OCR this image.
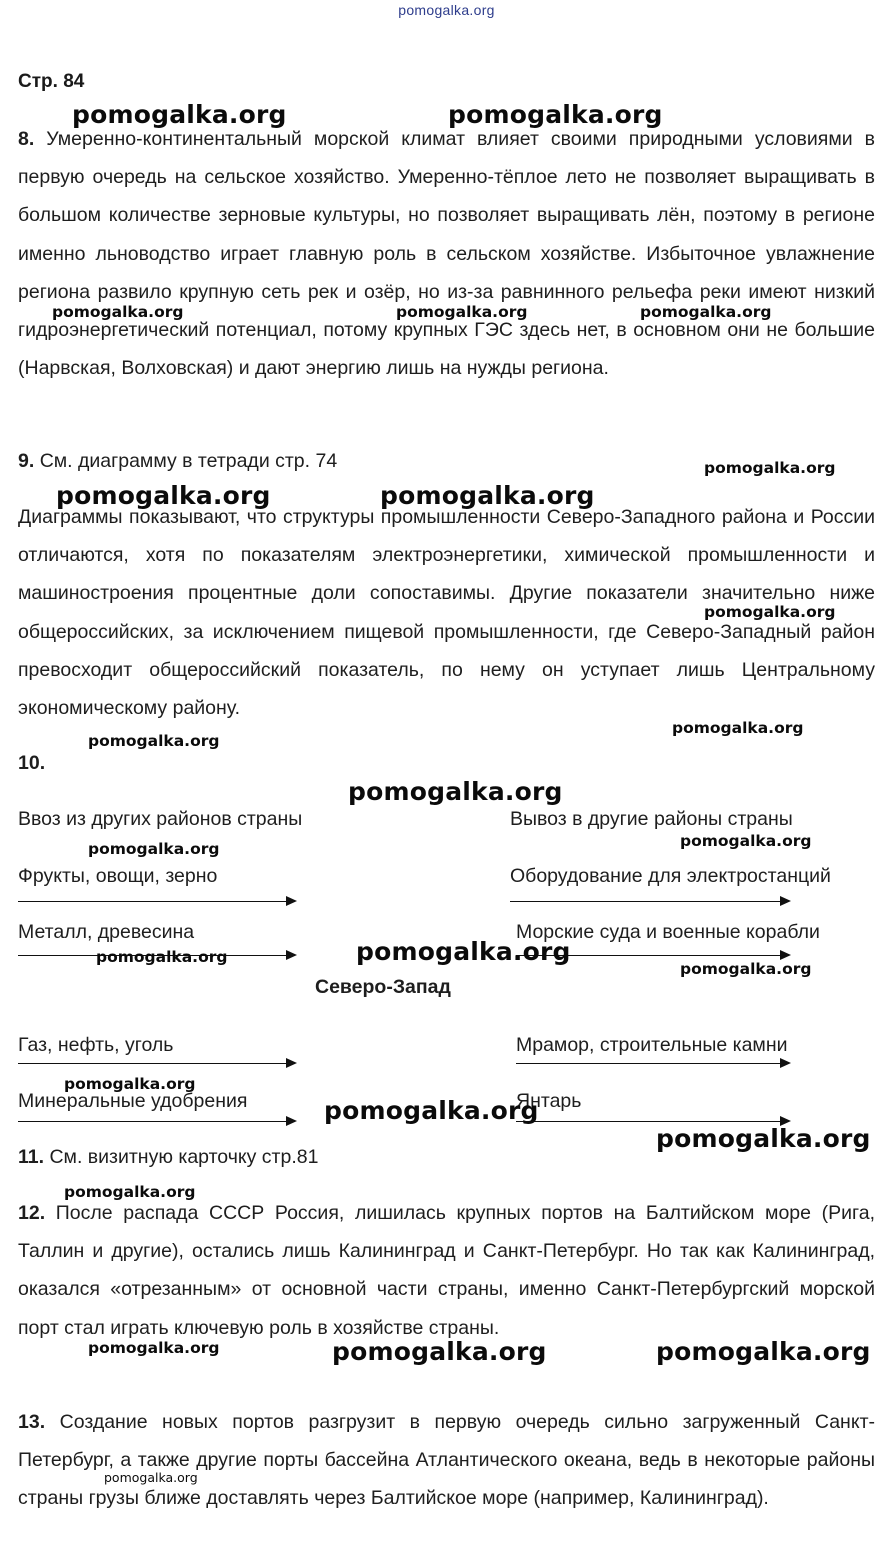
pomogalka.org
Стр. 84
8. Умеренно-континентальный морской климат влияет своими природными условиями в первую очередь на сельское хозяйство. Умеренно-тёплое лето не позволяет выращивать в большом количестве зерновые культуры, но позволяет выращивать лён, поэтому в регионе именно льноводство играет главную роль в сельском хозяйстве. Избыточное увлажнение региона развило крупную сеть рек и озёр, но из-за равнинного рельефа реки имеют низкий гидроэнергетический потенциал, потому крупных ГЭС здесь нет, в основном они не большие (Нарвская, Волховская) и дают энергию лишь на нужды региона.
9. См. диаграмму в тетради стр. 74
Диаграммы показывают, что структуры промышленности Северо-Западного района и России отличаются, хотя по показателям электроэнергетики, химической промышленности и машиностроения процентные доли сопоставимы. Другие показатели значительно ниже общероссийских, за исключением пищевой промышленности, где Северо-Западный район превосходит общероссийский показатель, по нему он уступает лишь Центральному экономическому району.
10.
Ввоз из других районов страны	Вывоз в другие районы страны
Фрукты, овощи, зерно	Оборудование для электростанций
Металл, древесина	Морские суда и военные корабли
Северо-Запад
Газ, нефть, уголь	Мрамор, строительные камни
Минеральные удобрения	Янтарь
11. См. визитную карточку стр.81
12. После распада СССР Россия, лишилась крупных портов на Балтийском море (Рига, Таллин и другие), остались лишь Калининград и Санкт-Петербург. Но так как Калининград, оказался «отрезанным» от основной части страны, именно Санкт-Петербургский морской порт стал играть ключевую роль в хозяйстве страны.
13. Создание новых портов разгрузит в первую очередь сильно загруженный Санкт-Петербург, а также другие порты бассейна Атлантического океана, ведь в некоторые районы страны грузы ближе доставлять через Балтийское море (например, Калининград).
pomogalka.org	pomogalka.org
pomogalka.org	pomogalka.org	pomogalka.org
pomogalka.org
pomogalka.org	pomogalka.org
pomogalka.org
pomogalka.org
pomogalka.org
pomogalka.org
pomogalka.org
pomogalka.org
pomogalka.org
pomogalka.org
pomogalka.org
pomogalka.org
pomogalka.org
pomogalka.org
pomogalka.org
pomogalka.org	pomogalka.org	pomogalka.org
pomogalka.org
